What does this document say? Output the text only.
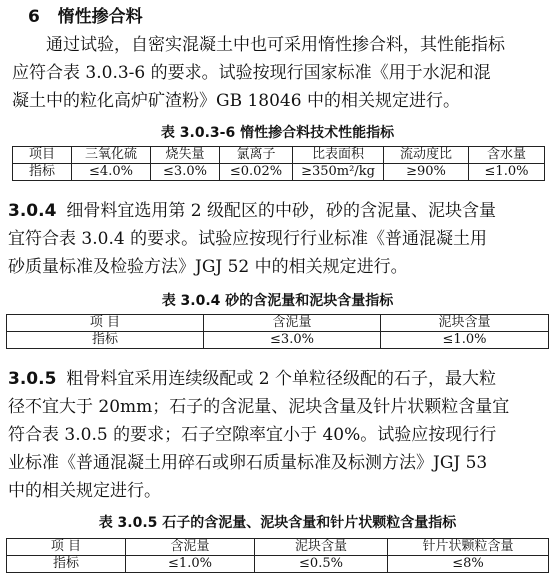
6 惰性掺合料
通过试验，自密实混凝土中也可采用惰性掺合料，其性能指标
应符合表 3.0.3-6 的要求。试验按现行国家标准《用于水泥和混
凝土中的粒化高炉矿渣粉》GB 18046 中的相关规定进行。
表 3.0.3-6 惰性掺合料技术性能指标
项目	三氧化硫	烧失量	氯离子	比表面积	流动度比	含水量
指标	≤4.0%	≤3.0%	≤0.02%	≥350m²/kg	≥90%	≤1.0%
3.0.4 细骨料宜选用第 2 级配区的中砂，砂的含泥量、泥块含量
宜符合表 3.0.4 的要求。试验应按现行行业标准《普通混凝土用
砂质量标准及检验方法》JGJ 52 中的相关规定进行。
表 3.0.4 砂的含泥量和泥块含量指标
项 目	含泥量	泥块含量
指标	≤3.0%	≤1.0%
3.0.5 粗骨料宜采用连续级配或 2 个单粒径级配的石子，最大粒
径不宜大于 20mm；石子的含泥量、泥块含量及针片状颗粒含量宜
符合表 3.0.5 的要求；石子空隙率宜小于 40%。试验应按现行行
业标准《普通混凝土用碎石或卵石质量标准及标测方法》JGJ 53
中的相关规定进行。
表 3.0.5 石子的含泥量、泥块含量和针片状颗粒含量指标
项 目	含泥量	泥块含量	针片状颗粒含量
指标	≤1.0%	≤0.5%	≤8%
